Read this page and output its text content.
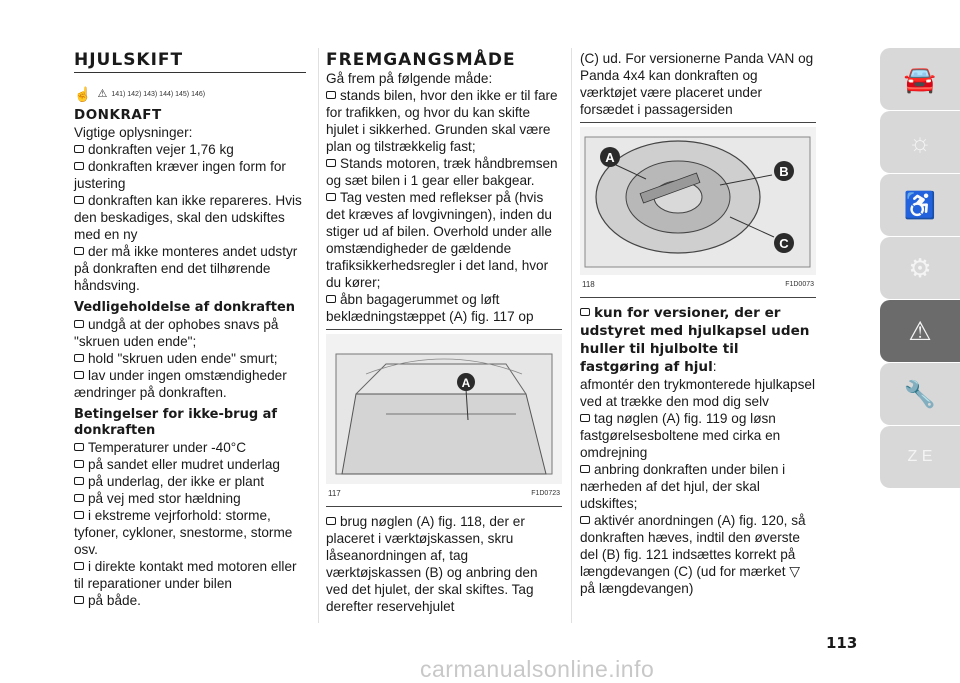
HJULSKIFT
☝ ⚠ 141) 142) 143) 144) 145) 146)
DONKRAFT

Vigtige oplysninger:

donkraften vejer 1,76 kg
donkraften kræver ingen form for justering
donkraften kan ikke repareres. Hvis den beskadiges, skal den udskiftes med en ny
der må ikke monteres andet udstyr på donkraften end det tilhørende håndsving.
Vedligeholdelse af donkraften
undgå at der ophobes snavs på "skruen uden ende";
hold "skruen uden ende" smurt;
lav under ingen omstændigheder ændringer på donkraften.
Betingelser for ikke-brug af donkraften
Temperaturer under -40°C
på sandet eller mudret underlag
på underlag, der ikke er plant
på vej med stor hældning
i ekstreme vejrforhold: storme, tyfoner, cykloner, snestorme, storme osv.
i direkte kontakt med motoren eller til reparationer under bilen
på både.
FREMGANGSMÅDE

Gå frem på følgende måde:

stands bilen, hvor den ikke er til fare for trafikken, og hvor du kan skifte hjulet i sikkerhed. Grunden skal være plan og tilstrækkelig fast;
Stands motoren, træk håndbremsen og sæt bilen i 1 gear eller bakgear.
Tag vesten med reflekser på (hvis det kræves af lovgivningen), inden du stiger ud af bilen. Overhold under alle omstændigheder de gældende trafiksikkerhedsregler i det land, hvor du kører;
åbn bagagerummet og løft beklædningstæppet (A) fig. 117 op
A
117	F1D0723
brug nøglen (A) fig. 118, der er placeret i værktøjskassen, skru låseanordningen af, tag værktøjskassen (B) og anbring den ved det hjulet, der skal skiftes. Tag derefter reservehjulet

(C) ud. For versionerne Panda VAN og Panda 4x4 kan donkraften og værktøjet være placeret under forsædet i passagersiden

A
B
C
118	F1D0073
kun for versioner, der er udstyret med hjulkapsel uden huller til hjulbolte til fastgøring af hjul:

afmontér den trykmonterede hjulkapsel ved at trække den mod dig selv

tag nøglen (A) fig. 119 og løsn fastgørelsesboltene med cirka en omdrejning
anbring donkraften under bilen i nærheden af det hjul, der skal udskiftes;
aktivér anordningen (A) fig. 120, så donkraften hæves, indtil den øverste del (B) fig. 121 indsættes korrekt på længdevangen (C) (ud for mærket ▽
på længdevangen)
🚘
☼
♿
⚙
⚠
🔧
Z E
113
carmanualsonline.info
